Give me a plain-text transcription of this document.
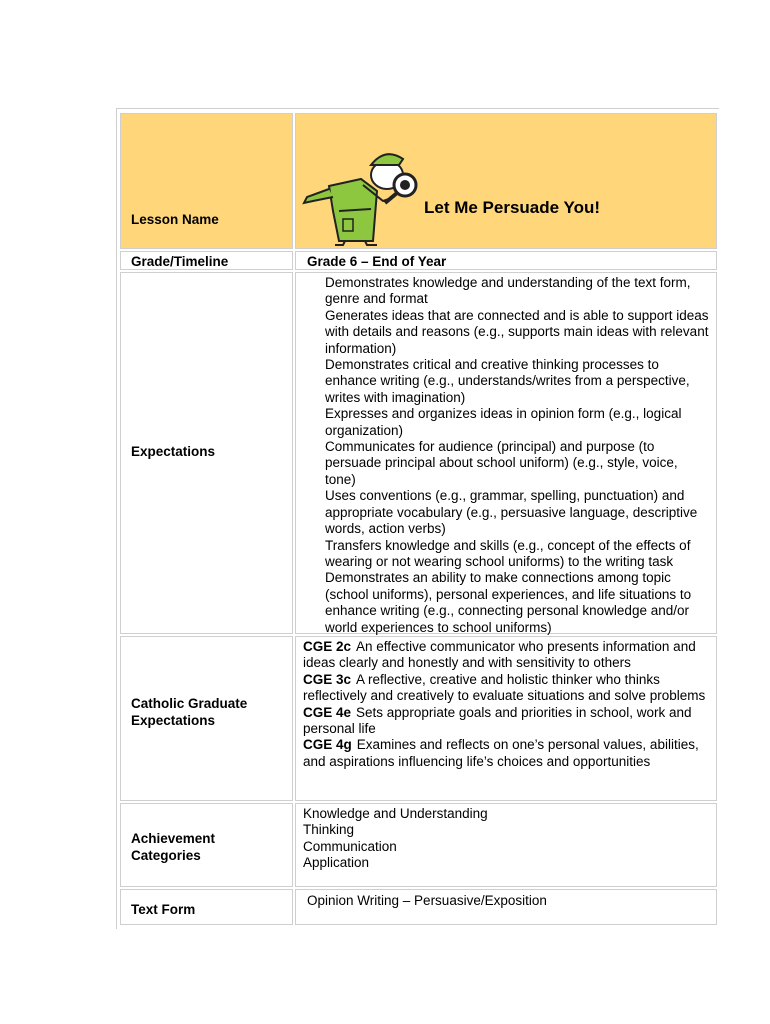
Lesson Name
Let Me Persuade You!
Grade/Timeline	Grade 6 – End of Year
Expectations
Demonstrates knowledge and understanding of the text form, genre and format
Generates ideas that are connected and is able to support ideas with details and reasons (e.g., supports main ideas with relevant information)
Demonstrates critical and creative thinking processes to enhance writing (e.g., understands/writes from a perspective, writes with imagination)
Expresses and organizes ideas in opinion form (e.g., logical organization)
Communicates for audience (principal) and purpose (to persuade principal about school uniform) (e.g., style, voice, tone)
Uses conventions (e.g., grammar, spelling, punctuation) and appropriate vocabulary (e.g., persuasive language, descriptive words, action verbs)
Transfers knowledge and skills (e.g., concept of the effects of wearing or not wearing school uniforms) to the writing task
Demonstrates an ability to make connections among topic (school uniforms), personal experiences, and life situations to enhance writing (e.g., connecting personal knowledge and/or world experiences to school uniforms)
Catholic Graduate
Expectations

CGE 2c An effective communicator who presents information and ideas clearly and honestly and with sensitivity to others

CGE 3c A reflective, creative and holistic thinker who thinks reflectively and creatively to evaluate situations and solve problems

CGE 4e Sets appropriate goals and priorities in school, work and personal life

CGE 4g Examines and reflects on one’s personal values, abilities, and aspirations influencing life’s choices and opportunities

Achievement
Categories
Knowledge and Understanding
Thinking
Communication
Application
Text Form
Opinion Writing – Persuasive/Exposition
